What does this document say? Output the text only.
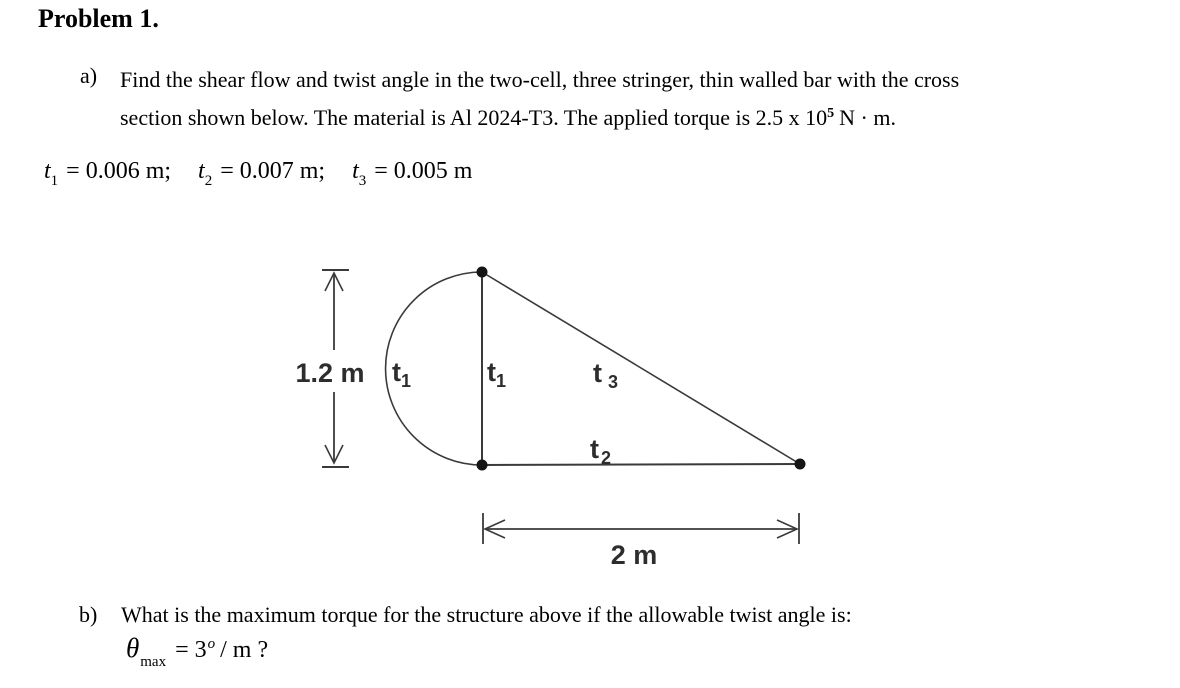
Problem 1.
a) Find the shear flow and twist angle in the two-cell, three stringer, thin walled bar with the cross
section shown below. The material is Al 2024-T3. The applied torque is 2.5 x $10^5$ N · m.
$t_1 = 0.006$ m; $t_2 = 0.007$ m; $t_3 = 0.005$ m
1.2 m
2 m
$t_1$	$t_1$	t $_3$
t $_2$
b) What is the maximum torque for the structure above if the allowable twist angle is:
$\theta_{max} = 3^o / m$ ?
